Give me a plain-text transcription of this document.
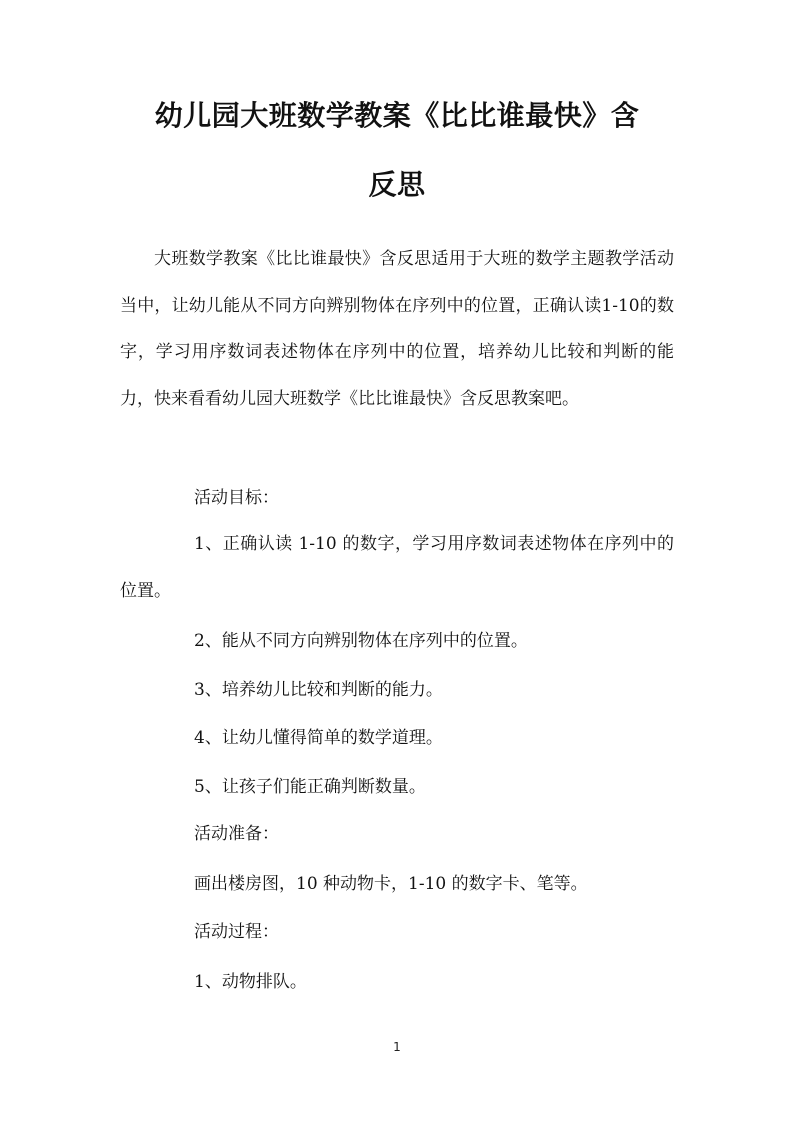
幼儿园大班数学教案《比比谁最快》含
反思

大班数学教案《比比谁最快》含反思适用于大班的数学主题教学活动当中，让幼儿能从不同方向辨别物体在序列中的位置，正确认读1-10的数字，学习用序数词表述物体在序列中的位置，培养幼儿比较和判断的能力，快来看看幼儿园大班数学《比比谁最快》含反思教案吧。

活动目标：

1、正确认读 1-10 的数字，学习用序数词表述物体在序列中的位置。

2、能从不同方向辨别物体在序列中的位置。
3、培养幼儿比较和判断的能力。
4、让幼儿懂得简单的数学道理。
5、让孩子们能正确判断数量。
活动准备：
画出楼房图，10 种动物卡，1-10 的数字卡、笔等。
活动过程：
1、动物排队。
1
